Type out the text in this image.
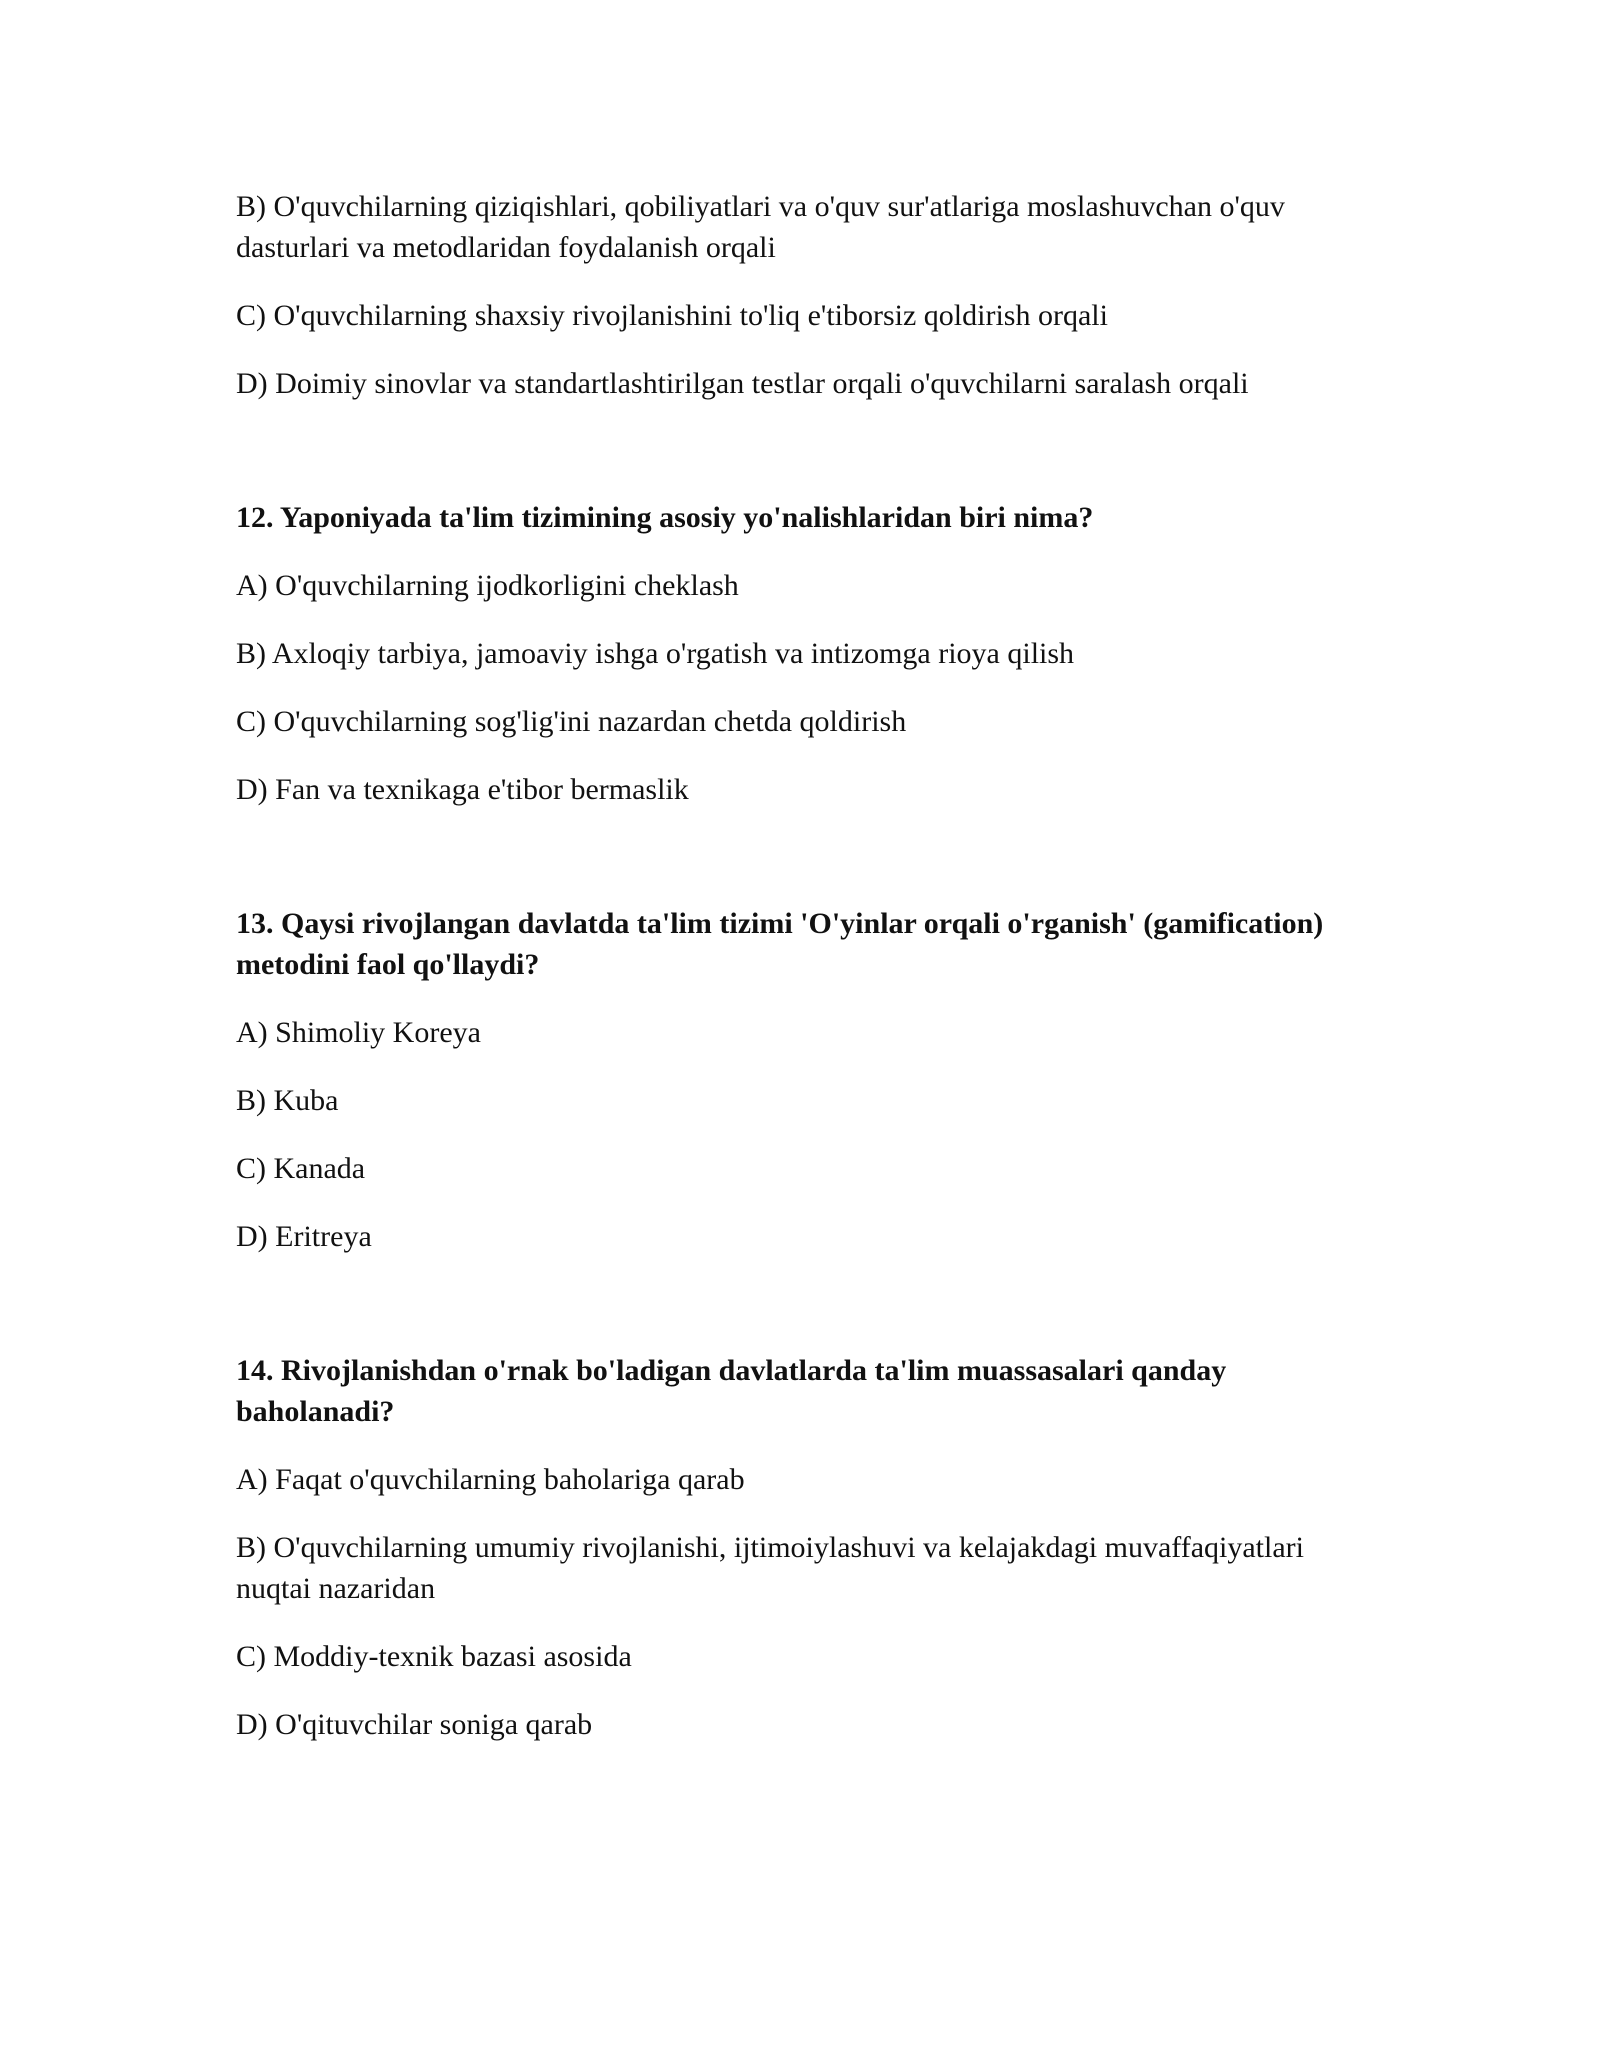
B) O'quvchilarning qiziqishlari, qobiliyatlari va o'quv sur'atlariga moslashuvchan o'quv dasturlari va metodlaridan foydalanish orqali

C) O'quvchilarning shaxsiy rivojlanishini to'liq e'tiborsiz qoldirish orqali

D) Doimiy sinovlar va standartlashtirilgan testlar orqali o'quvchilarni saralash orqali

12. Yaponiyada ta'lim tizimining asosiy yo'nalishlaridan biri nima?

A) O'quvchilarning ijodkorligini cheklash

B) Axloqiy tarbiya, jamoaviy ishga o'rgatish va intizomga rioya qilish

C) O'quvchilarning sog'lig'ini nazardan chetda qoldirish

D) Fan va texnikaga e'tibor bermaslik

13. Qaysi rivojlangan davlatda ta'lim tizimi 'O'yinlar orqali o'rganish' (gamification) metodini faol qo'llaydi?

A) Shimoliy Koreya

B) Kuba

C) Kanada

D) Eritreya

14. Rivojlanishdan o'rnak bo'ladigan davlatlarda ta'lim muassasalari qanday baholanadi?

A) Faqat o'quvchilarning baholariga qarab

B) O'quvchilarning umumiy rivojlanishi, ijtimoiylashuvi va kelajakdagi muvaffaqiyatlari nuqtai nazaridan

C) Moddiy-texnik bazasi asosida

D) O'qituvchilar soniga qarab
